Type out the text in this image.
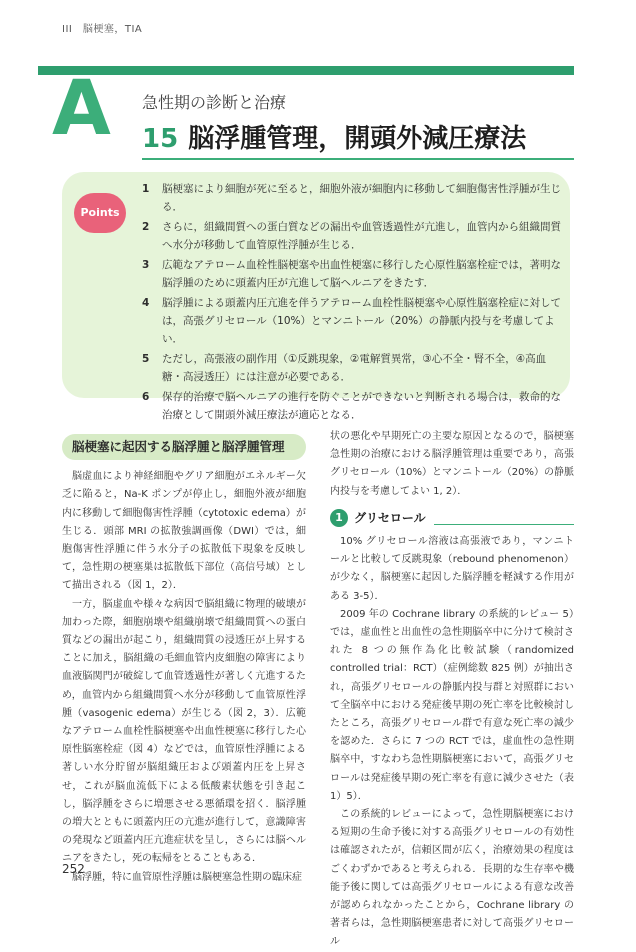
III　脳梗塞，TIA
A 急性期の診断と治療
15 脳浮腫管理，開頭外減圧療法
Points
1	脳梗塞により細胞が死に至ると，細胞外液が細胞内に移動して細胞傷害性浮腫が生じる．
2	さらに，組織間質への蛋白質などの漏出や血管透過性が亢進し，血管内から組織間質へ水分が移動して血管原性浮腫が生じる．
3	広範なアテローム血栓性脳梗塞や出血性梗塞に移行した心原性脳塞栓症では，著明な脳浮腫のために頭蓋内圧が亢進して脳ヘルニアをきたす．
4	脳浮腫による頭蓋内圧亢進を伴うアテローム血栓性脳梗塞や心原性脳塞栓症に対しては，高張グリセロール（10%）とマンニトール（20%）の静脈内投与を考慮してよい．
5	ただし，高張液の副作用（①反跳現象，②電解質異常，③心不全・腎不全，④高血糖・高浸透圧）には注意が必要である．
6	保存的治療で脳ヘルニアの進行を防ぐことができないと判断される場合は，救命的な治療として開頭外減圧療法が適応となる．
脳梗塞に起因する脳浮腫と脳浮腫管理

脳虚血により神経細胞やグリア細胞がエネルギー欠乏に陥ると，Na-K ポンプが停止し，細胞外液が細胞内に移動して細胞傷害性浮腫（cytotoxic edema）が生じる．頭部 MRI の拡散強調画像（DWI）では，細胞傷害性浮腫に伴う水分子の拡散低下現象を反映して，急性期の梗塞巣は拡散低下部位（高信号域）として描出される（図 1，2）．

一方，脳虚血や様々な病因で脳組織に物理的破壊が加わった際，細胞崩壊や組織崩壊で組織間質への蛋白質などの漏出が起こり，組織間質の浸透圧が上昇することに加え，脳組織の毛細血管内皮細胞の障害により血液脳関門が破綻して血管透過性が著しく亢進するため，血管内から組織間質へ水分が移動して血管原性浮腫（vasogenic edema）が生じる（図 2，3）．広範なアテローム血栓性脳梗塞や出血性梗塞に移行した心原性脳塞栓症（図 4）などでは，血管原性浮腫による著しい水分貯留が脳組織圧および頭蓋内圧を上昇させ，これが脳血流低下による低酸素状態を引き起こし，脳浮腫をさらに増悪させる悪循環を招く．脳浮腫の増大とともに頭蓋内圧の亢進が進行して，意識障害の発現など頭蓋内圧亢進症状を呈し，さらには脳ヘルニアをきたし，死の転帰をとることもある．

脳浮腫，特に血管原性浮腫は脳梗塞急性期の臨床症

状の悪化や早期死亡の主要な原因となるので，脳梗塞急性期の治療における脳浮腫管理は重要であり，高張グリセロール（10%）とマンニトール（20%）の静脈内投与を考慮してよい 1, 2）．

1 グリセロール

10% グリセロール溶液は高張液であり，マンニトールと比較して反跳現象（rebound phenomenon）が少なく，脳梗塞に起因した脳浮腫を軽減する作用がある 3-5）．

2009 年の Cochrane library の系統的レビュー 5）では，虚血性と出血性の急性期脳卒中に分けて検討された 8 つの無作為化比較試験（randomized controlled trial：RCT）（症例総数 825 例）が抽出され，高張グリセロールの静脈内投与群と対照群において全脳卒中における発症後早期の死亡率を比較検討したところ，高張グリセロール群で有意な死亡率の減少を認めた．さらに 7 つの RCT では，虚血性の急性期脳卒中，すなわち急性期脳梗塞において，高張グリセロールは発症後早期の死亡率を有意に減少させた（表 1）5）．

この系統的レビューによって，急性期脳梗塞における短期の生命予後に対する高張グリセロールの有効性は確認されたが，信頼区間が広く，治療効果の程度はごくわずかであると考えられる．長期的な生存率や機能予後に関しては高張グリセロールによる有意な改善が認められなかったことから，Cochrane library の著者らは，急性期脳梗塞患者に対して高張グリセロール

252
